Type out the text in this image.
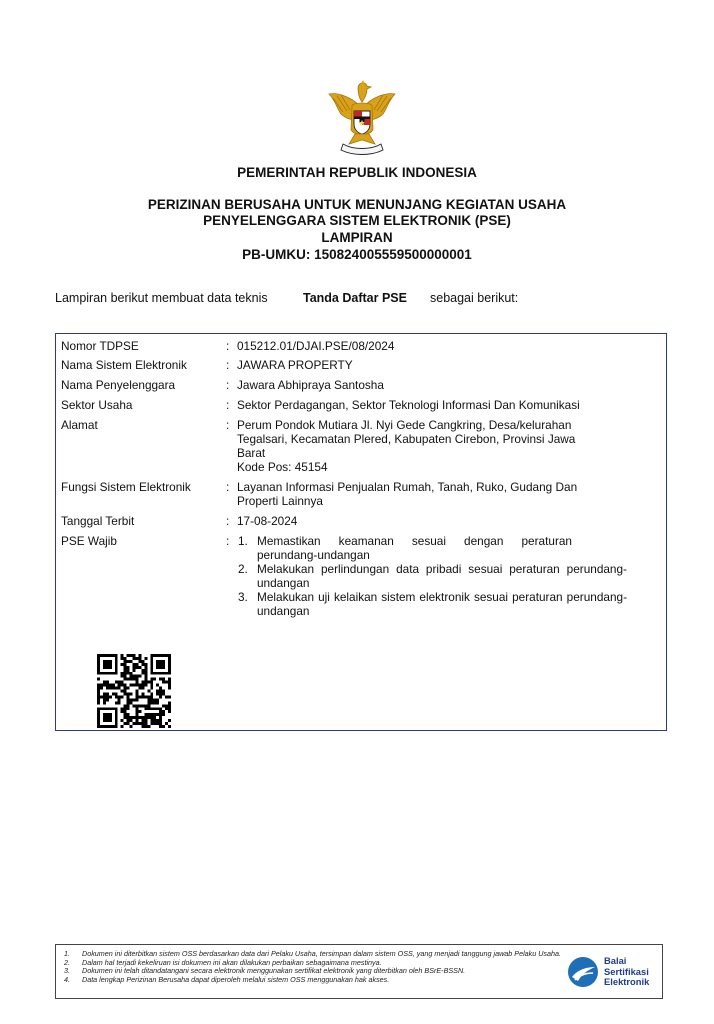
PEMERINTAH REPUBLIK INDONESIA

PERIZINAN BERUSAHA UNTUK MENUNJANG KEGIATAN USAHA

PENYELENGGARA SISTEM ELEKTRONIK (PSE)

LAMPIRAN

PB-UMKU: 150824005559500000001

Lampiran berikut membuat data teknis	Tanda Daftar PSE sebagai berikut:
Nomor TDPSE	: 015212.01/DJAI.PSE/08/2024
Nama Sistem Elektronik	: JAWARA PROPERTY
Nama Penyelenggara	: Jawara Abhipraya Santosha
Sektor Usaha	: Sektor Perdagangan, Sektor Teknologi Informasi Dan Komunikasi
Alamat	: Perum Pondok Mutiara Jl. Nyi Gede Cangkring, Desa/kelurahan Tegalsari, Kecamatan Plered, Kabupaten Cirebon, Provinsi Jawa Barat
Kode Pos: 45154
Fungsi Sistem Elektronik	: Layanan Informasi Penjualan Rumah, Tanah, Ruko, Gudang Dan Properti Lainnya
Tanggal Terbit	: 17-08-2024
PSE Wajib	: 1. Memastikan keamanan sesuai dengan peraturan perundang-undangan
2. Melakukan perlindungan data pribadi sesuai peraturan perundang-undangan
3. Melakukan uji kelaikan sistem elektronik sesuai peraturan perundang-undangan
1. Dokumen ini diterbitkan sistem OSS berdasarkan data dari Pelaku Usaha, tersimpan dalam sistem OSS, yang menjadi tanggung jawab Pelaku Usaha.
2. Dalam hal terjadi kekeliruan isi dokumen ini akan dilakukan perbaikan sebagaimana mestinya.
3. Dokumen ini telah ditandatangani secara elektronik menggunakan sertifikat elektronik yang diterbitkan oleh BSrE-BSSN.
4. Data lengkap Perizinan Berusaha dapat diperoleh melalui sistem OSS menggunakan hak akses.
Balai
Sertifikasi
Elektronik
